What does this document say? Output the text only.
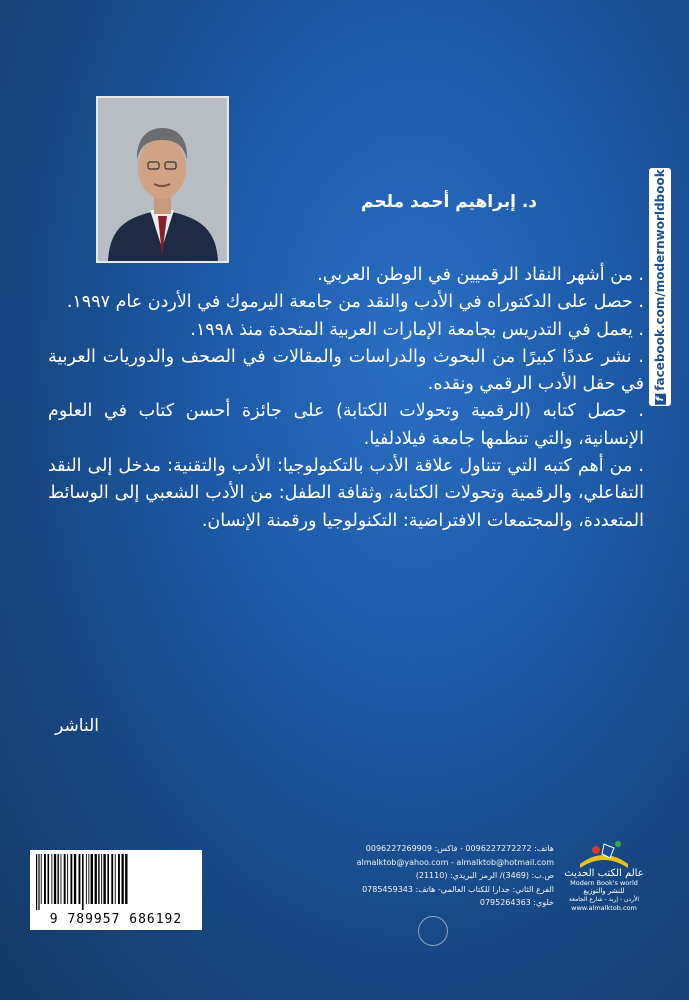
د. إبراهيم أحمد ملحم
ffacebook.com/modernworldbook

. من أشهر النقاد الرقميين في الوطن العربي.

. حصل على الدكتوراه في الأدب والنقد من جامعة اليرموك في الأردن عام ١٩٩٧.

. يعمل في التدريس بجامعة الإمارات العربية المتحدة منذ ١٩٩٨.

. نشر عددًا كبيرًا من البحوث والدراسات والمقالات في الصحف والدوريات العربية في حقل الأدب الرقمي ونقده.

. حصل كتابه (الرقمية وتحولات الكتابة) على جائزة أحسن كتاب في العلوم الإنسانية، والتي تنظمها جامعة فيلادلفيا.

. من أهم كتبه التي تتناول علاقة الأدب بالتكنولوجيا: الأدب والتقنية: مدخل إلى النقد التفاعلي، والرقمية وتحولات الكتابة، وثقافة الطفل: من الأدب الشعبي إلى الوسائط المتعددة، والمجتمعات الافتراضية: التكنولوجيا ورقمنة الإنسان.

الناشر
9 789957 686192
هاتف: 0096227272272 - فاكس: 0096227269909
almalktob@yahoo.com - almalktob@hotmail.com
ص.ب: (3469)/ الرمز البريدي: (21110)
الفرع الثاني: جدارا للكتاب العالمي- هاتف: 0785459343
خلوي: 0795264363
عالم الكتب الحديث
Modern Book's world
للنشر والتوزيع
الأردن - إربد - شارع الجامعة
www.almalktob.com
